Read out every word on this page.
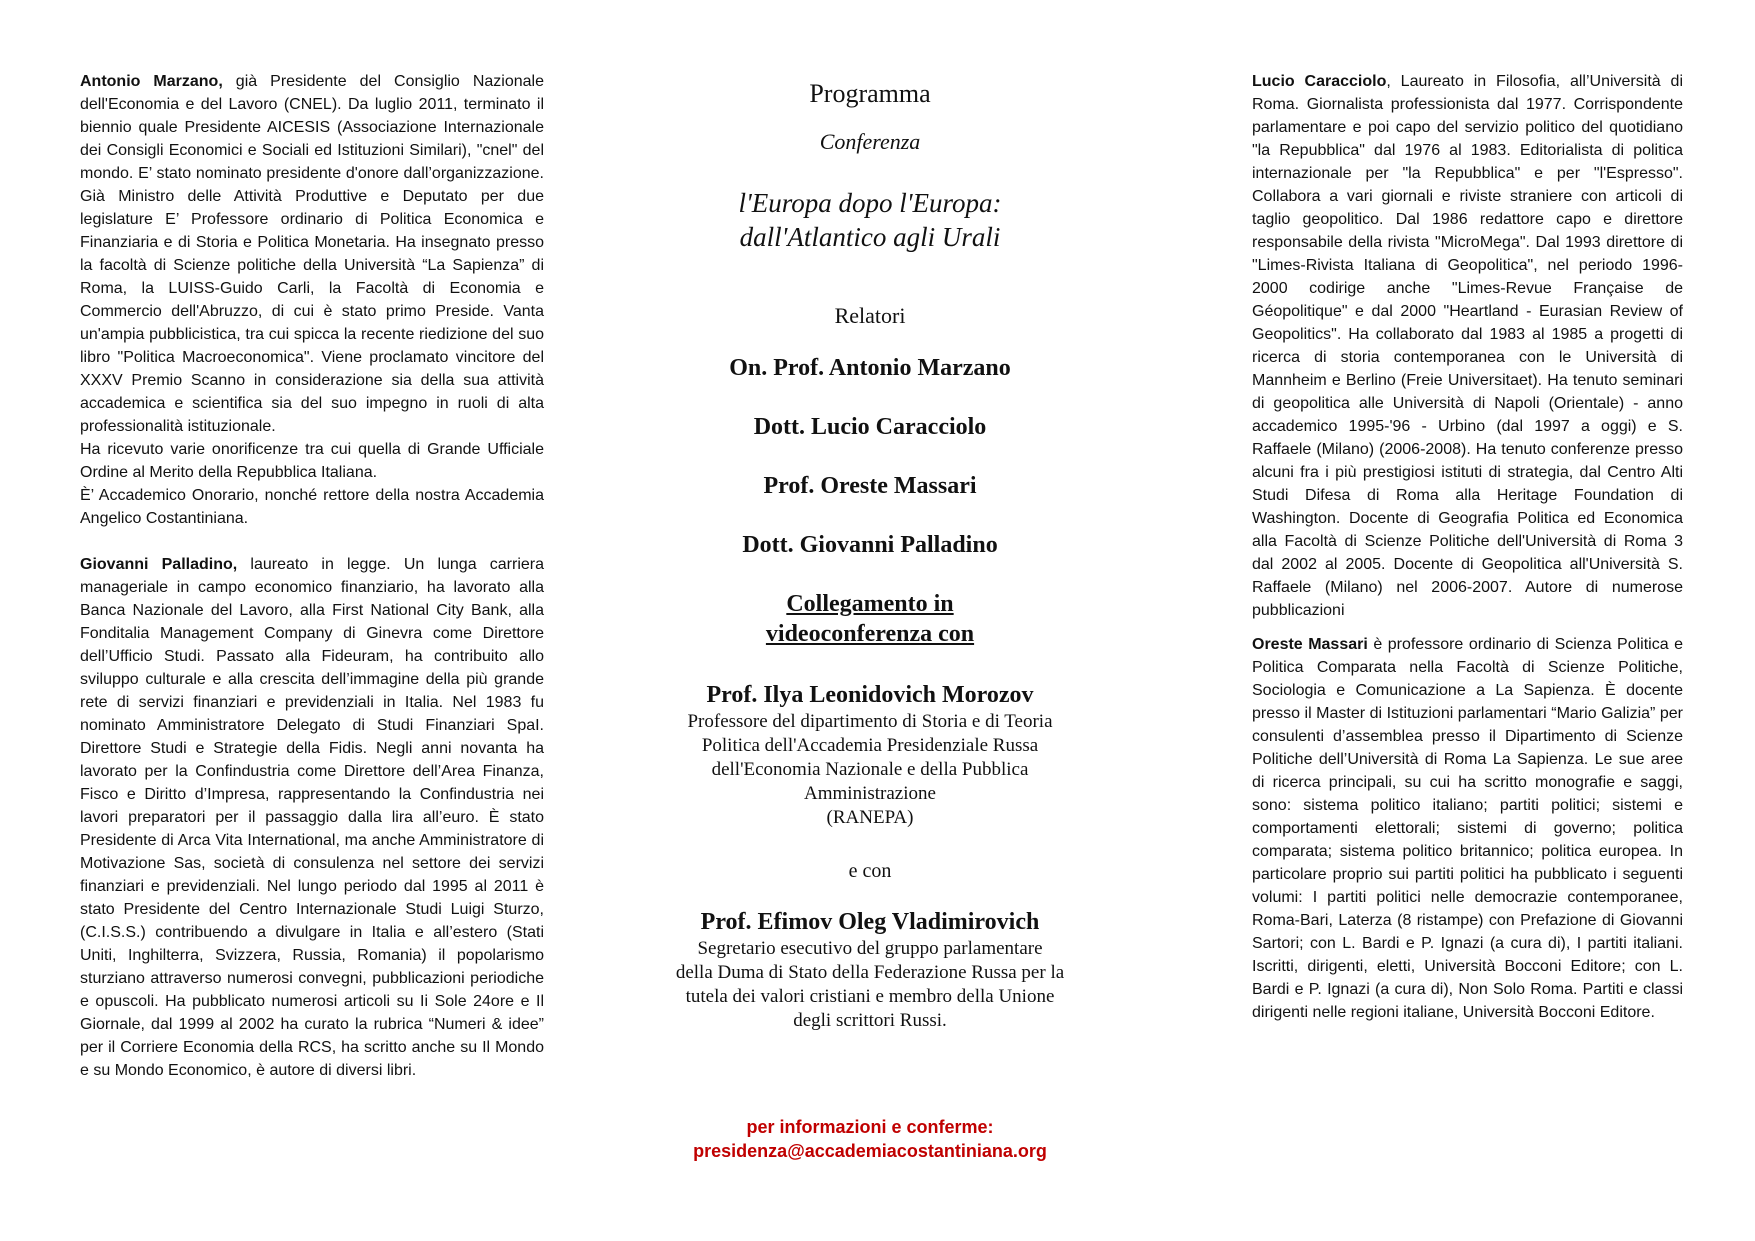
Antonio Marzano, già Presidente del Consiglio Nazionale dell'Economia e del Lavoro (CNEL). Da luglio 2011, terminato il biennio quale Presidente AICESIS (Associazione Internazionale dei Consigli Economici e Sociali ed Istituzioni Similari), "cnel" del mondo. E’ stato nominato presidente d'onore dall’organizzazione. Già Ministro delle Attività Produttive e Deputato per due legislature E’ Professore ordinario di Politica Economica e Finanziaria e di Storia e Politica Monetaria. Ha insegnato presso la facoltà di Scienze politiche della Università “La Sapienza” di Roma, la LUISS-Guido Carli, la Facoltà di Economia e Commercio dell'Abruzzo, di cui è stato primo Preside. Vanta un'ampia pubblicistica, tra cui spicca la recente riedizione del suo libro "Politica Macroeconomica". Viene proclamato vincitore del XXXV Premio Scanno in considerazione sia della sua attività accademica e scientifica sia del suo impegno in ruoli di alta professionalità istituzionale.

Ha ricevuto varie onorificenze tra cui quella di Grande Ufficiale Ordine al Merito della Repubblica Italiana.

È’ Accademico Onorario, nonché rettore della nostra Accademia Angelico Costantiniana.

Giovanni Palladino, laureato in legge. Un lunga carriera manageriale in campo economico finanziario, ha lavorato alla Banca Nazionale del Lavoro, alla First National City Bank, alla Fonditalia Management Company di Ginevra come Direttore dell’Ufficio Studi. Passato alla Fideuram, ha contribuito allo sviluppo culturale e alla crescita dell’immagine della più grande rete di servizi finanziari e previdenziali in Italia. Nel 1983 fu nominato Amministratore Delegato di Studi Finanziari SpaI. Direttore Studi e Strategie della Fidis. Negli anni novanta ha lavorato per la Confindustria come Direttore dell’Area Finanza, Fisco e Diritto d’Impresa, rappresentando la Confindustria nei lavori preparatori per il passaggio dalla lira all’euro. È stato Presidente di Arca Vita International, ma anche Amministratore di Motivazione Sas, società di consulenza nel settore dei servizi finanziari e previdenziali. Nel lungo periodo dal 1995 al 2011 è stato Presidente del Centro Internazionale Studi Luigi Sturzo, (C.I.S.S.) contribuendo a divulgare in Italia e all’estero (Stati Uniti, Inghilterra, Svizzera, Russia, Romania) il popolarismo sturziano attraverso numerosi convegni, pubblicazioni periodiche e opuscoli. Ha pubblicato numerosi articoli su Ii Sole 24ore e Il Giornale, dal 1999 al 2002 ha curato la rubrica “Numeri & idee” per il Corriere Economia della RCS, ha scritto anche su Il Mondo e su Mondo Economico, è autore di diversi libri.

Programma

Conferenza

l'Europa dopo l'Europa:
dall'Atlantico agli Urali

Relatori

On. Prof. Antonio Marzano

Dott. Lucio Caracciolo

Prof. Oreste Massari

Dott. Giovanni Palladino

Collegamento in
videoconferenza con

Prof. Ilya Leonidovich Morozov

Professore del dipartimento di Storia e di Teoria
Politica dell'Accademia Presidenziale Russa
dell'Economia Nazionale e della Pubblica
Amministrazione
(RANEPA)

e con

Prof. Efimov Oleg Vladimirovich

Segretario esecutivo del gruppo parlamentare
della Duma di Stato della Federazione Russa per la
tutela dei valori cristiani e membro della Unione
degli scrittori Russi.

per informazioni e conferme:

presidenza@accademiacostantiniana.org

Lucio Caracciolo, Laureato in Filosofia, all’Università di Roma. Giornalista professionista dal 1977. Corrispondente parlamentare e poi capo del servizio politico del quotidiano "la Repubblica" dal 1976 al 1983. Editorialista di politica internazionale per "la Repubblica" e per "l'Espresso". Collabora a vari giornali e riviste straniere con articoli di taglio geopolitico. Dal 1986 redattore capo e direttore responsabile della rivista "MicroMega". Dal 1993 direttore di "Limes-Rivista Italiana di Geopolitica", nel periodo 1996-2000 codirige anche "Limes-Revue Française de Géopolitique" e dal 2000 "Heartland - Eurasian Review of Geopolitics". Ha collaborato dal 1983 al 1985 a progetti di ricerca di storia contemporanea con le Università di Mannheim e Berlino (Freie Universitaet). Ha tenuto seminari di geopolitica alle Università di Napoli (Orientale) - anno accademico 1995-'96 - Urbino (dal 1997 a oggi) e S. Raffaele (Milano) (2006-2008). Ha tenuto conferenze presso alcuni fra i più prestigiosi istituti di strategia, dal Centro Alti Studi Difesa di Roma alla Heritage Foundation di Washington. Docente di Geografia Politica ed Economica alla Facoltà di Scienze Politiche dell'Università di Roma 3 dal 2002 al 2005. Docente di Geopolitica all'Università S. Raffaele (Milano) nel 2006-2007. Autore di numerose pubblicazioni

Oreste Massari è professore ordinario di Scienza Politica e Politica Comparata nella Facoltà di Scienze Politiche, Sociologia e Comunicazione a La Sapienza. È docente presso il Master di Istituzioni parlamentari “Mario Galizia” per consulenti d’assemblea presso il Dipartimento di Scienze Politiche dell’Università di Roma La Sapienza. Le sue aree di ricerca principali, su cui ha scritto monografie e saggi, sono: sistema politico italiano; partiti politici; sistemi e comportamenti elettorali; sistemi di governo; politica comparata; sistema politico britannico; politica europea. In particolare proprio sui partiti politici ha pubblicato i seguenti volumi: I partiti politici nelle democrazie contemporanee, Roma-Bari, Laterza (8 ristampe) con Prefazione di Giovanni Sartori; con L. Bardi e P. Ignazi (a cura di), I partiti italiani. Iscritti, dirigenti, eletti, Università Bocconi Editore; con L. Bardi e P. Ignazi (a cura di), Non Solo Roma. Partiti e classi dirigenti nelle regioni italiane, Università Bocconi Editore.
